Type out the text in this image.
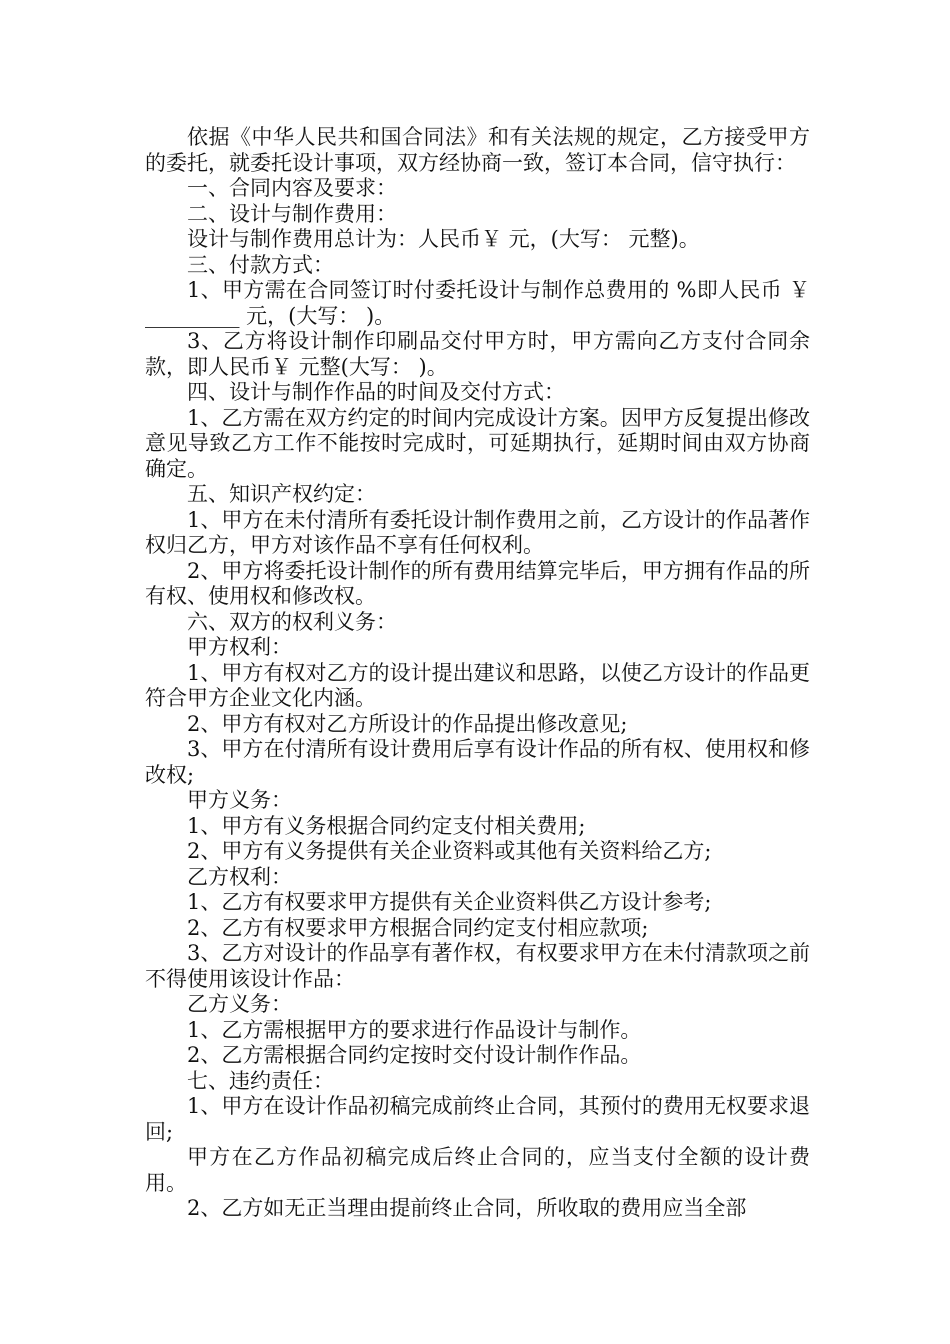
依据《中华人民共和国合同法》和有关法规的规定，乙方接受甲方的委托，就委托设计事项，双方经协商一致，签订本合同，信守执行：

一、合同内容及要求：

二、设计与制作费用：

设计与制作费用总计为：人民币￥ 元，(大写： 元整)。

三、付款方式：

1、甲方需在合同签订时付委托设计与制作总费用的 %即人民币 ￥ _________ 元，(大写： )。

3、乙方将设计制作印刷品交付甲方时，甲方需向乙方支付合同余款，即人民币￥ 元整(大写： )。

四、设计与制作作品的时间及交付方式：

1、乙方需在双方约定的时间内完成设计方案。因甲方反复提出修改意见导致乙方工作不能按时完成时，可延期执行，延期时间由双方协商确定。

五、知识产权约定：

1、甲方在未付清所有委托设计制作费用之前，乙方设计的作品著作权归乙方，甲方对该作品不享有任何权利。

2、甲方将委托设计制作的所有费用结算完毕后，甲方拥有作品的所有权、使用权和修改权。

六、双方的权利义务：

甲方权利：

1、甲方有权对乙方的设计提出建议和思路，以使乙方设计的作品更符合甲方企业文化内涵。

2、甲方有权对乙方所设计的作品提出修改意见;

3、甲方在付清所有设计费用后享有设计作品的所有权、使用权和修改权;

甲方义务：

1、甲方有义务根据合同约定支付相关费用;

2、甲方有义务提供有关企业资料或其他有关资料给乙方;

乙方权利：

1、乙方有权要求甲方提供有关企业资料供乙方设计参考;

2、乙方有权要求甲方根据合同约定支付相应款项;

3、乙方对设计的作品享有著作权，有权要求甲方在未付清款项之前不得使用该设计作品：

乙方义务：

1、乙方需根据甲方的要求进行作品设计与制作。

2、乙方需根据合同约定按时交付设计制作作品。

七、违约责任：

1、甲方在设计作品初稿完成前终止合同，其预付的费用无权要求退回;

甲方在乙方作品初稿完成后终止合同的，应当支付全额的设计费用。

2、乙方如无正当理由提前终止合同，所收取的费用应当全部
